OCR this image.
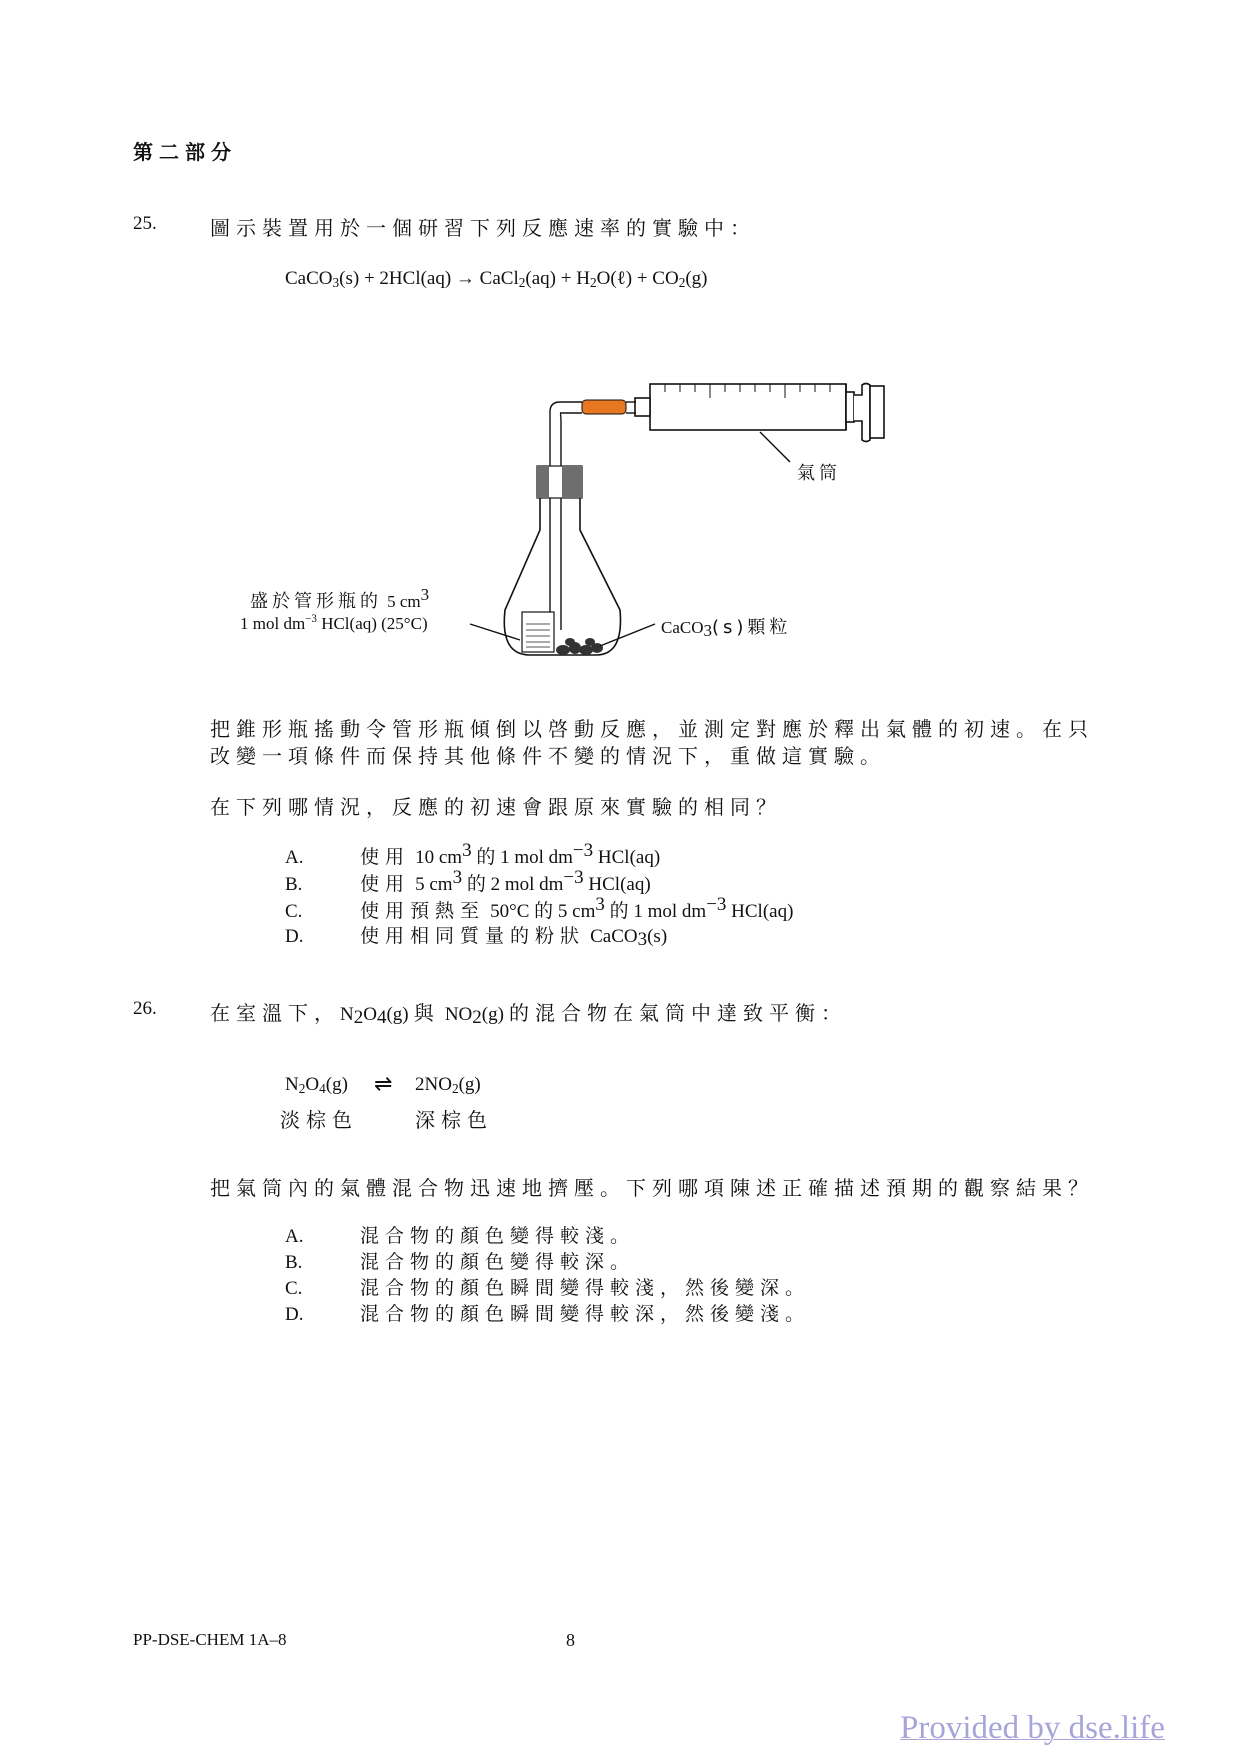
第二部分
25.	圖示裝置用於一個研習下列反應速率的實驗中：
CaCO$_3$(s) + 2HCl(aq) → CaCl$_2$(aq) + $H_2O(\ell) + CO_2(g)$
氣筒
盛於管形瓶的 5 $cm^3$
1 mol $dm^{-3}$ HCl(aq) (25°C)	CaCO$_3$(s)顆粒
把錐形瓶搖動令管形瓶傾倒以啓動反應，並測定對應於釋出氣體的初速。在只
改變一項條件而保持其他條件不變的情況下，重做這實驗。
在下列哪情況，反應的初速會跟原來實驗的相同？
A.	使用 10 $cm^3$ 的 1 mol $dm^{-3}$ HCl(aq)
B.	使用 5 $cm^3$ 的 2 mol $dm^{-3}$ HCl(aq)
C.	使用預熱至 50°C 的 5 $cm^3$ 的 1 mol $dm^{-3}$ HCl(aq)
D.	使用相同質量的粉狀 CaCO$_3$(s)
26.	在室溫下，$N_2O_4(g)$ 與 $NO_2(g)$ 的混合物在氣筒中達致平衡：
$N_2O_4(g)$ ⇌ $2NO_2(g)$
淡棕色	深棕色
把氣筒內的氣體混合物迅速地擠壓。下列哪項陳述正確描述預期的觀察結果？
A.	混合物的顏色變得較淺。
B.	混合物的顏色變得較深。
C.	混合物的顏色瞬間變得較淺，然後變深。
D.	混合物的顏色瞬間變得較深，然後變淺。
PP-DSE-CHEM 1A–8	8
Provided by dse.life
